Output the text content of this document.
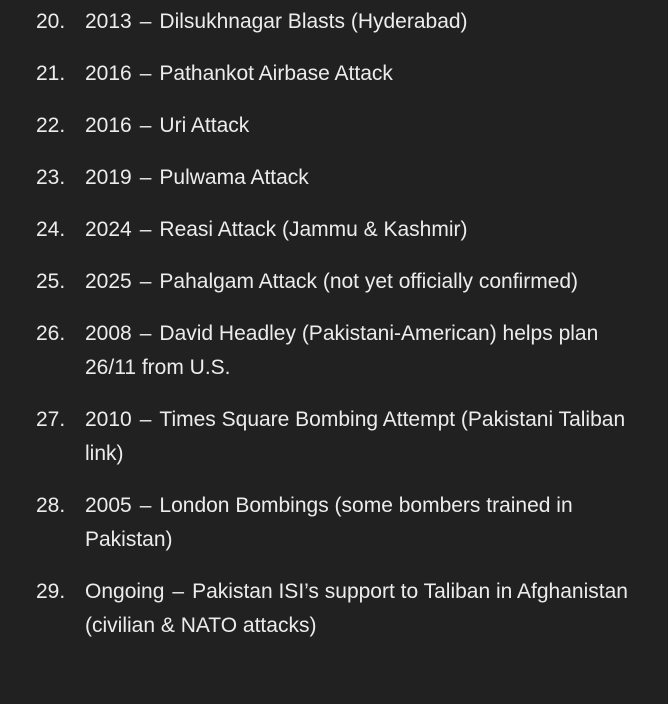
20. 2013 – Dilsukhnagar Blasts (Hyderabad)
21. 2016 – Pathankot Airbase Attack
22. 2016 – Uri Attack
23. 2019 – Pulwama Attack
24. 2024 – Reasi Attack (Jammu & Kashmir)
25. 2025 – Pahalgam Attack (not yet officially confirmed)
26. 2008 – David Headley (Pakistani-American) helps plan 26/11 from U.S.
27. 2010 – Times Square Bombing Attempt (Pakistani Taliban link)
28. 2005 – London Bombings (some bombers trained in Pakistan)
29. Ongoing – Pakistan ISI’s support to Taliban in Afghanistan (civilian & NATO attacks)
